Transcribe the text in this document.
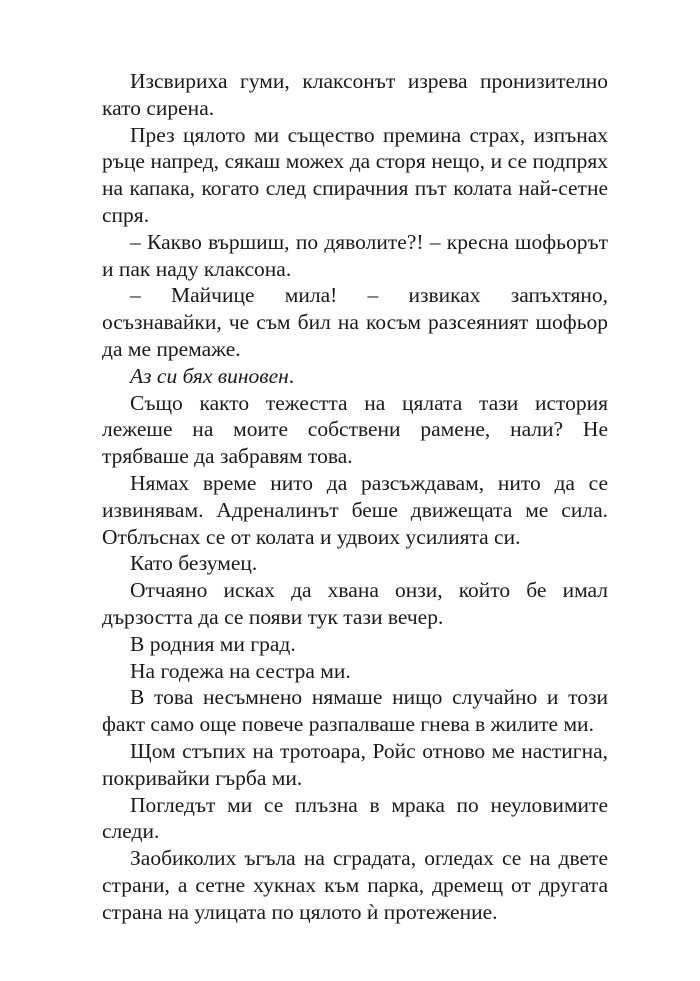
Изсвириха гуми, клаксонът изрева пронизително като сирена.

През цялото ми същество премина страх, изпънах ръце напред, сякаш можех да сторя нещо, и се подпрях на капака, когато след спирачния път колата най-сетне спря.

– Какво вършиш, по дяволите?! – кресна шофьорът и пак наду клаксона.

– Майчице мила! – извиках запъхтяно, осъзнавайки, че съм бил на косъм разсеяният шофьор да ме премаже.

Аз си бях виновен.

Също както тежестта на цялата тази история лежеше на моите собствени рамене, нали? Не трябваше да забравям това.

Нямах време нито да разсъждавам, нито да се извинявам. Адреналинът беше движещата ме сила. Отблъснах се от колата и удвоих усилията си.

Като безумец.

Отчаяно исках да хвана онзи, който бе имал дързостта да се появи тук тази вечер.

В родния ми град.

На годежа на сестра ми.

В това несъмнено нямаше нищо случайно и този факт само още повече разпалваше гнева в жилите ми.

Щом стъпих на тротоара, Ройс отново ме настигна, покривайки гърба ми.

Погледът ми се плъзна в мрака по неуловимите следи.

Заобиколих ъгъла на сградата, огледах се на двете страни, а сетне хукнах към парка, дремещ от другата страна на улицата по цялото ѝ протежение.
